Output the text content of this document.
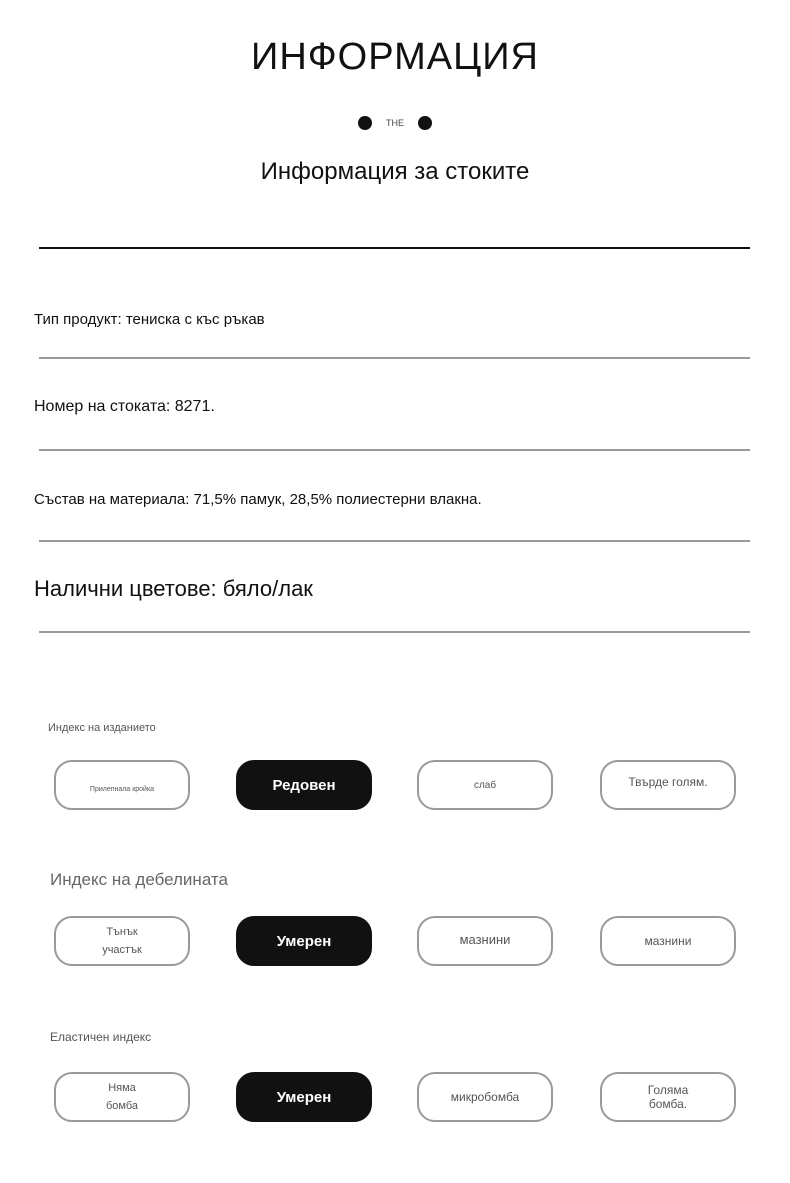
ИНФОРМАЦИЯ
THE
Информация за стоките
Тип продукт: тениска с къс ръкав
Номер на стоката: 8271.
Състав на материала: 71,5% памук, 28,5% полиестерни влакна.
Налични цветове: бяло/лак
Индекс на изданието
Прилепнала кройка	Редовен	слаб	Твърде голям.
Индекс на дебелината
Тънък участък
Умерен	мазнини	мазнини
Еластичен индекс
Няма бомба
Умерен	микробомба	Голяма бомба.
